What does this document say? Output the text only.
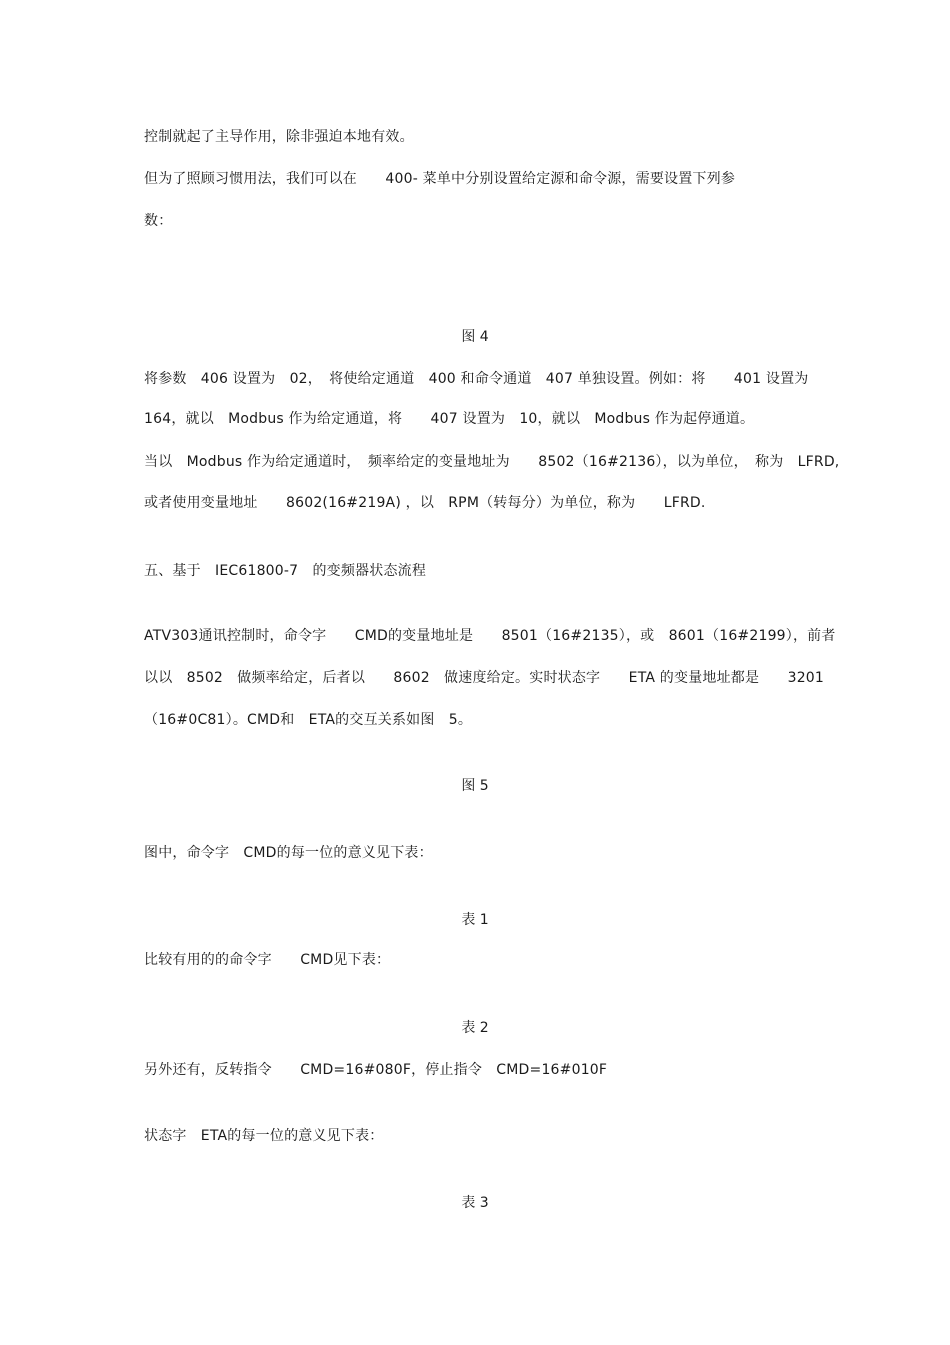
控制就起了主导作用，除非强迫本地有效。
但为了照顾习惯用法，我们可以在　　400- 菜单中分别设置给定源和命令源，需要设置下列参
数：
图 4
将参数　406 设置为　02，　将使给定通道　400 和命令通道　407 单独设置。例如：将　　401 设置为
164，就以　Modbus 作为给定通道，将　　407 设置为　10，就以　Modbus 作为起停通道。
当以　Modbus 作为给定通道时，　频率给定的变量地址为　　8502（16#2136），以为单位，　称为　LFRD,
或者使用变量地址　　8602(16#219A) ，以　RPM（转每分）为单位，称为　　LFRD.
五、基于　IEC61800-7　的变频器状态流程
ATV303通讯控制时，命令字　　CMD的变量地址是　　8501（16#2135），或　8601（16#2199），前者
以以　8502　做频率给定，后者以　　8602　做速度给定。实时状态字　　ETA 的变量地址都是　　3201
（16#0C81）。CMD和　ETA的交互关系如图　5。
图 5
图中，命令字　CMD的每一位的意义见下表：
表 1
比较有用的的命令字　　CMD见下表：
表 2
另外还有，反转指令　　CMD=16#080F，停止指令　CMD=16#010F
状态字　ETA的每一位的意义见下表：
表 3
